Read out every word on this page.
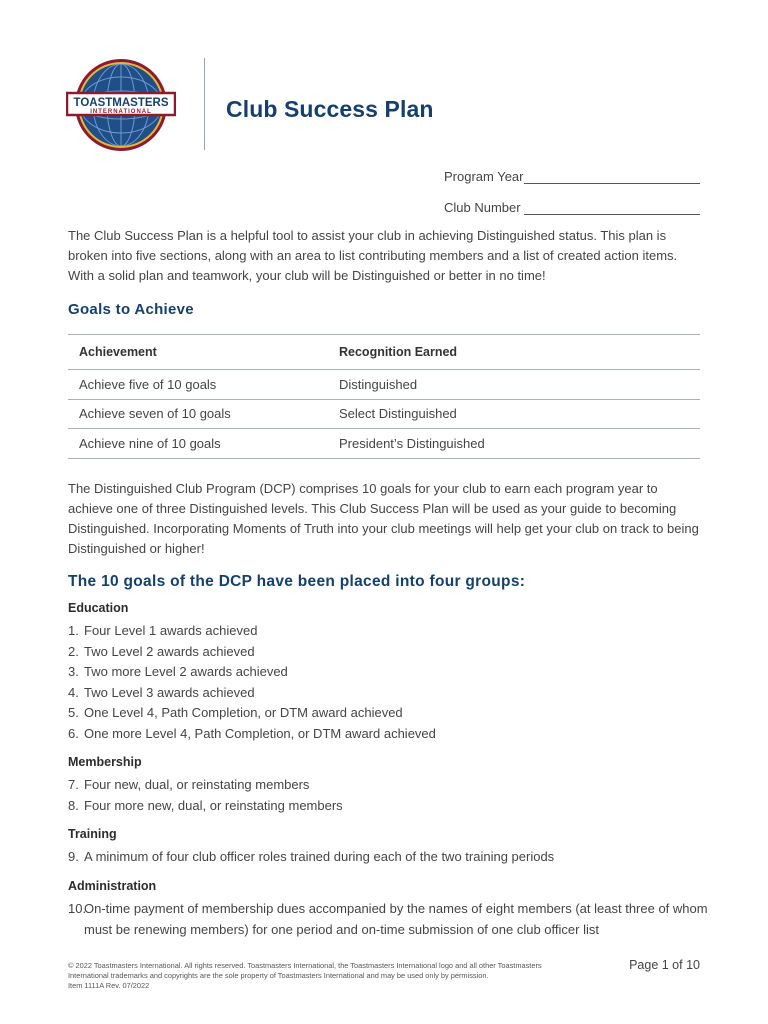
TOASTMASTERS
INTERNATIONAL	Club Success Plan
Program Year
Club Number

The Club Success Plan is a helpful tool to assist your club in achieving Distinguished status. This plan is broken into five sections, along with an area to list contributing members and a list of created action items. With a solid plan and teamwork, your club will be Distinguished or better in no time!

Goals to Achieve
Achievement	Recognition Earned
Achieve five of 10 goals	Distinguished
Achieve seven of 10 goals	Select Distinguished
Achieve nine of 10 goals	President’s Distinguished

The Distinguished Club Program (DCP) comprises 10 goals for your club to earn each program year to achieve one of three Distinguished levels. This Club Success Plan will be used as your guide to becoming Distinguished. Incorporating Moments of Truth into your club meetings will help get your club on track to being Distinguished or higher!

The 10 goals of the DCP have been placed into four groups:
Education
1. Four Level 1 awards achieved
2. Two Level 2 awards achieved
3. Two more Level 2 awards achieved
4. Two Level 3 awards achieved
5. One Level 4, Path Completion, or DTM award achieved
6. One more Level 4, Path Completion, or DTM award achieved
Membership
7. Four new, dual, or reinstating members
8. Four more new, dual, or reinstating members
Training
9. A minimum of four club officer roles trained during each of the two training periods
Administration
10.
On-time payment of membership dues accompanied by the names of eight members (at least three of whom must be renewing members) for one period and on-time submission of one club officer list
© 2022 Toastmasters International. All rights reserved. Toastmasters International, the Toastmasters International logo and all other Toastmasters
International trademarks and copyrights are the sole property of Toastmasters International and may be used only by permission.
Item 1111A Rev. 07/2022
Page 1 of 10
